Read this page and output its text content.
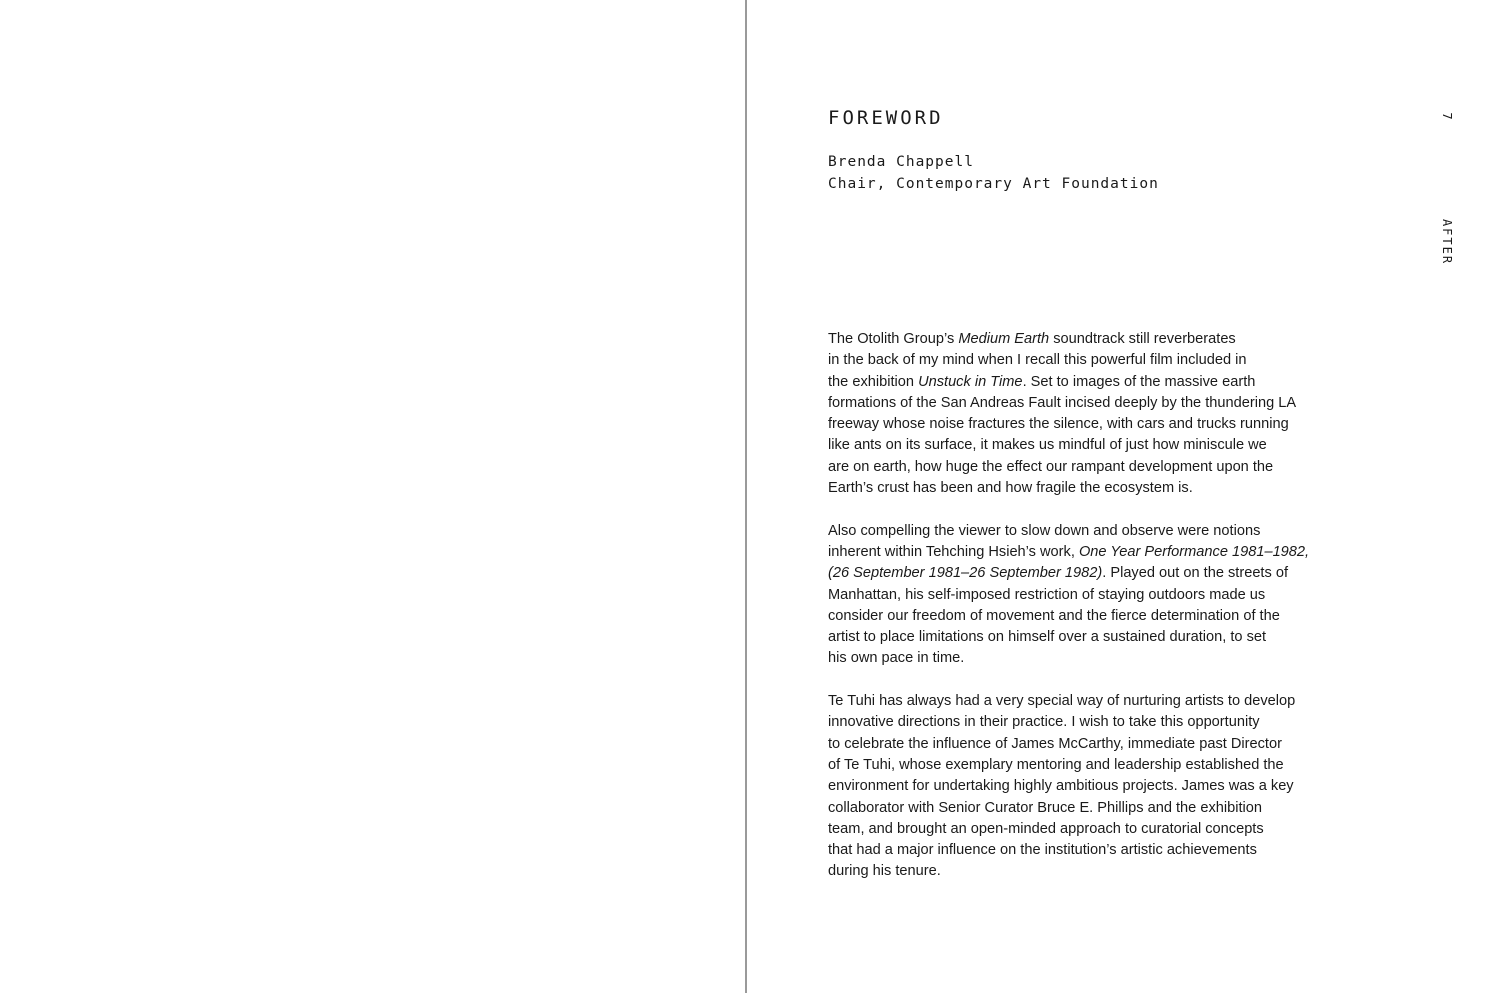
FOREWORD
Brenda Chappell
Chair, Contemporary Art Foundation
7
AFTER

The Otolith Group’s Medium Earth soundtrack still reverberates
in the back of my mind when I recall this powerful film included in
the exhibition Unstuck in Time. Set to images of the massive earth
formations of the San Andreas Fault incised deeply by the thundering LA
freeway whose noise fractures the silence, with cars and trucks running
like ants on its surface, it makes us mindful of just how miniscule we
are on earth, how huge the effect our rampant development upon the
Earth’s crust has been and how fragile the ecosystem is.

Also compelling the viewer to slow down and observe were notions
inherent within Tehching Hsieh’s work, One Year Performance 1981–1982,
(26 September 1981–26 September 1982). Played out on the streets of
Manhattan, his self-imposed restriction of staying outdoors made us
consider our freedom of movement and the fierce determination of the
artist to place limitations on himself over a sustained duration, to set
his own pace in time.

Te Tuhi has always had a very special way of nurturing artists to develop
innovative directions in their practice. I wish to take this opportunity
to celebrate the influence of James McCarthy, immediate past Director
of Te Tuhi, whose exemplary mentoring and leadership established the
environment for undertaking highly ambitious projects. James was a key
collaborator with Senior Curator Bruce E. Phillips and the exhibition
team, and brought an open-minded approach to curatorial concepts
that had a major influence on the institution’s artistic achievements
during his tenure.
